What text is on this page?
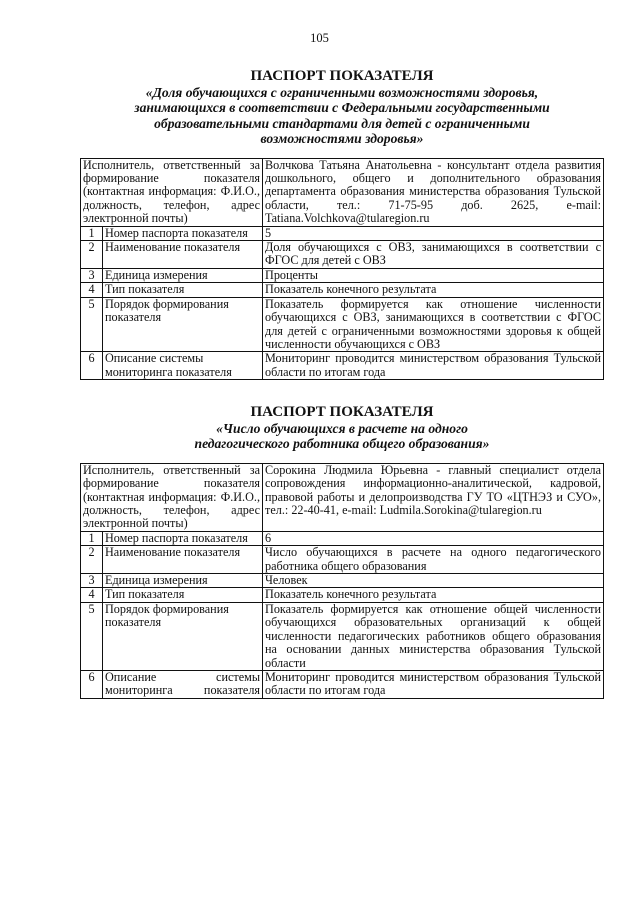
105
ПАСПОРТ ПОКАЗАТЕЛЯ
«Доля обучающихся с ограниченными возможностями здоровья,
занимающихся в соответствии с Федеральными государственными
образовательными стандартами для детей с ограниченными
возможностями здоровья»
Исполнитель, ответственный за формирование показателя (контактная информация: Ф.И.О., должность, телефон, адрес электронной почты)		Волчкова Татьяна Анатольевна - консультант отдела развития дошкольного, общего и дополнительного образования департамента образования министерства образования Тульской области, тел.: 71-75-95 доб. 2625, e-mail: Tatiana.Volchkova@tularegion.ru
1	Номер паспорта показателя	5
2	Наименование показателя	Доля обучающихся с ОВЗ, занимающихся в соответствии с ФГОС для детей с ОВЗ
3	Единица измерения	Проценты
4	Тип показателя	Показатель конечного результата
5	Порядок формирования показателя	Показатель формируется как отношение численности обучающихся с ОВЗ, занимающихся в соответствии с ФГОС для детей с ограниченными возможностями здоровья к общей численности обучающихся с ОВЗ
6	Описание системы мониторинга показателя	Мониторинг проводится министерством образования Тульской области по итогам года
ПАСПОРТ ПОКАЗАТЕЛЯ
«Число обучающихся в расчете на одного
педагогического работника общего образования»
Исполнитель, ответственный за формирование показателя (контактная информация: Ф.И.О., должность, телефон, адрес электронной почты)		Сорокина Людмила Юрьевна - главный специалист отдела сопровождения информационно-аналитической, кадровой, правовой работы и делопроизводства ГУ ТО «ЦТНЭЗ и СУО», тел.: 22-40-41, e-mail: Ludmila.Sorokina@tularegion.ru
1	Номер паспорта показателя	6
2	Наименование показателя	Число обучающихся в расчете на одного педагогического работника общего образования
3	Единица измерения	Человек
4	Тип показателя	Показатель конечного результата
5	Порядок формирования показателя	Показатель формируется как отношение общей численности обучающихся образовательных организаций к общей численности педагогических работников общего образования на основании данных министерства образования Тульской области
6	Описание системы мониторинга показателя	Мониторинг проводится министерством образования Тульской области по итогам года
